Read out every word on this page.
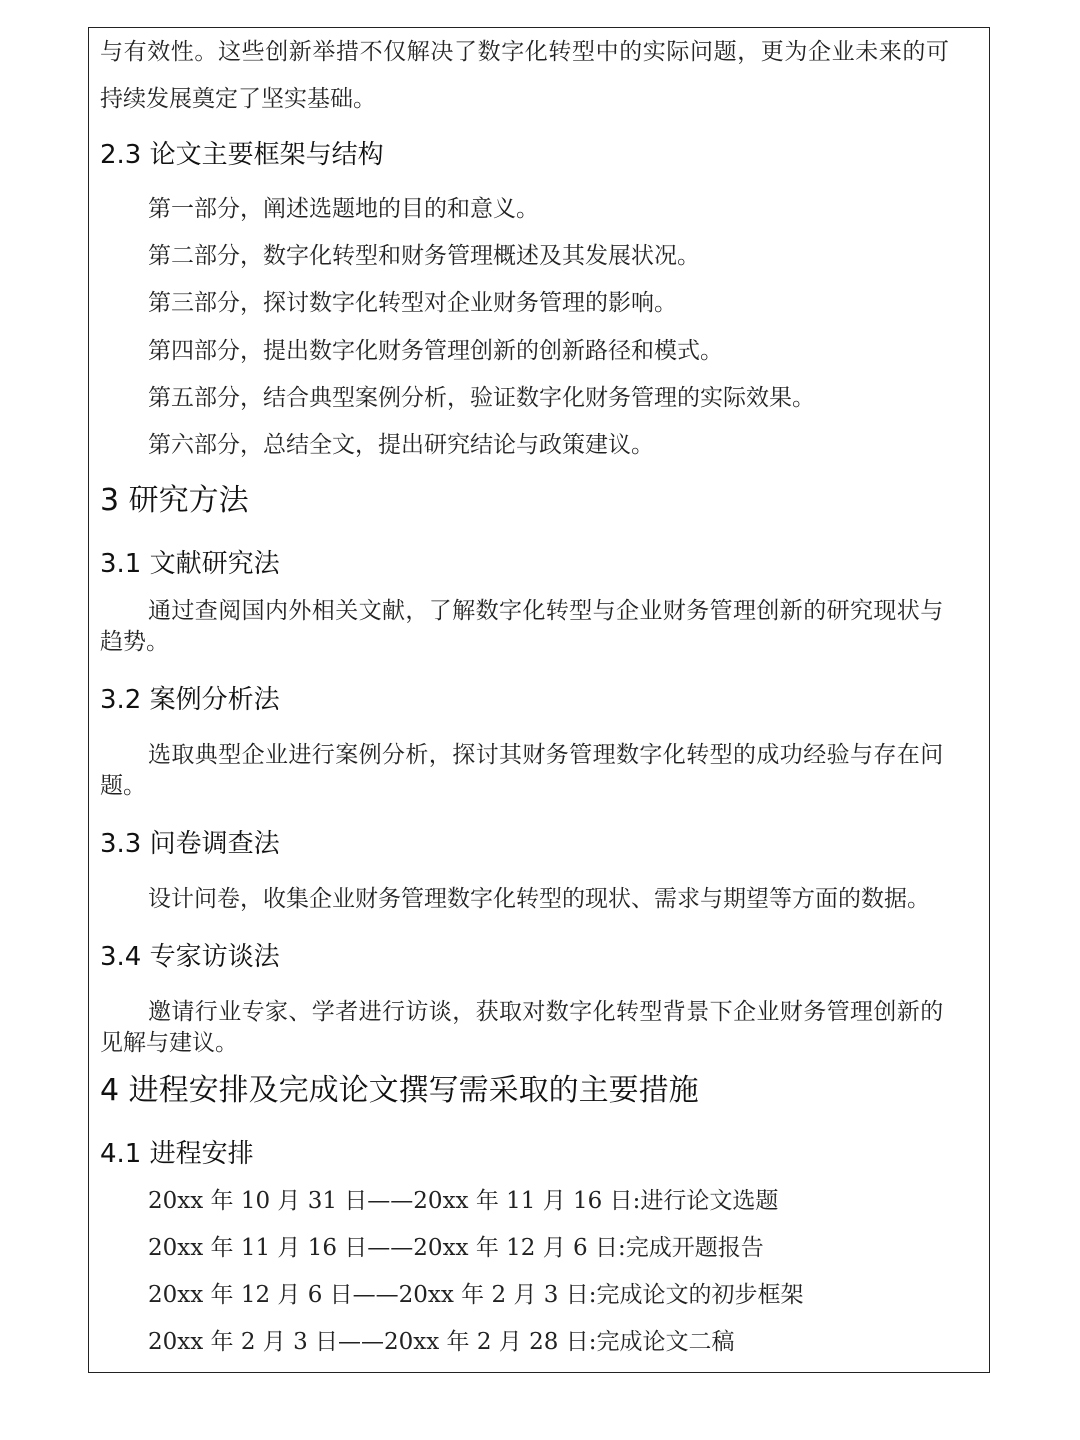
与有效性。这些创新举措不仅解决了数字化转型中的实际问题，更为企业未来的可
持续发展奠定了坚实基础。
2.3 论文主要框架与结构
第一部分，阐述选题地的目的和意义。
第二部分，数字化转型和财务管理概述及其发展状况。
第三部分，探讨数字化转型对企业财务管理的影响。
第四部分，提出数字化财务管理创新的创新路径和模式。
第五部分，结合典型案例分析，验证数字化财务管理的实际效果。
第六部分，总结全文，提出研究结论与政策建议。
3 研究方法
3.1 文献研究法
通过查阅国内外相关文献，了解数字化转型与企业财务管理创新的研究现状与
趋势。
3.2 案例分析法
选取典型企业进行案例分析，探讨其财务管理数字化转型的成功经验与存在问
题。
3.3 问卷调查法
设计问卷，收集企业财务管理数字化转型的现状、需求与期望等方面的数据。
3.4 专家访谈法
邀请行业专家、学者进行访谈，获取对数字化转型背景下企业财务管理创新的
见解与建议。
4 进程安排及完成论文撰写需采取的主要措施
4.1 进程安排
20xx 年 10 月 31 日——20xx 年 11 月 16 日:进行论文选题
20xx 年 11 月 16 日——20xx 年 12 月 6 日:完成开题报告
20xx 年 12 月 6 日——20xx 年 2 月 3 日:完成论文的初步框架
20xx 年 2 月 3 日——20xx 年 2 月 28 日:完成论文二稿
